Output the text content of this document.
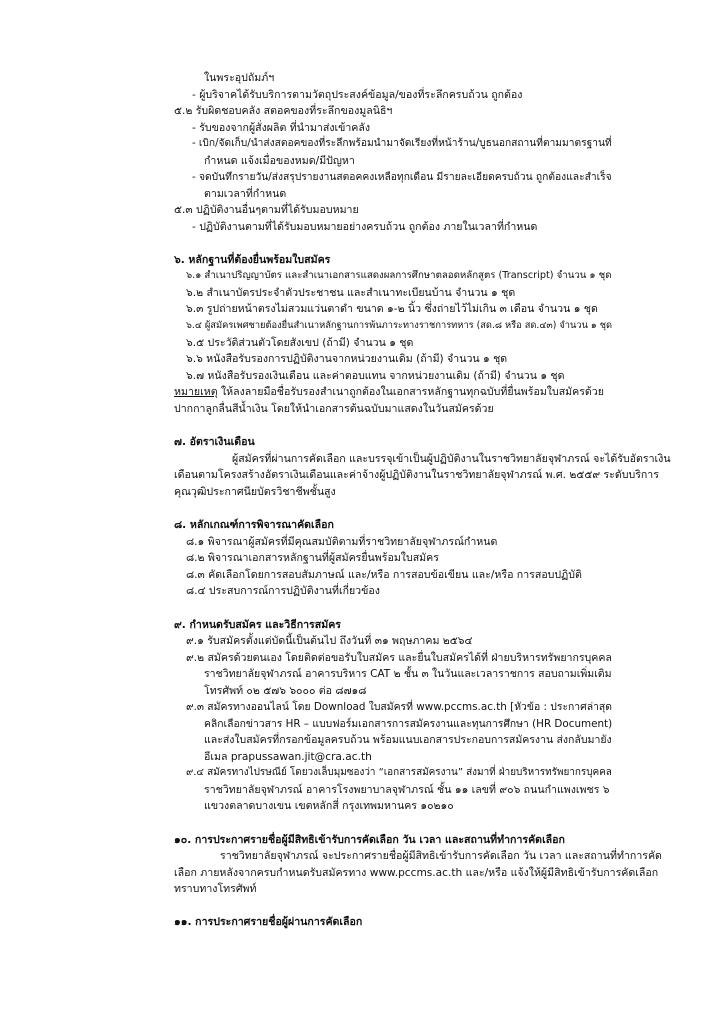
ในพระอุปถัมภ์ฯ
- ผู้บริจาคได้รับบริการตามวัตถุประสงค์ข้อมูล/ของที่ระลึกครบถ้วน ถูกต้อง
๕.๒ รับผิดชอบคลัง สตอคของที่ระลึกของมูลนิธิฯ
- รับของจากผู้สั่งผลิต ที่นำมาส่งเข้าคลัง
- เบิก/จัดเก็บ/นำส่งสตอคของที่ระลึกพร้อมนำมาจัดเรียงที่หน้าร้าน/บูธนอกสถานที่ตามมาตรฐานที่
กำหนด แจ้งเมื่อของหมด/มีปัญหา
- จดบันทึกรายวัน/ส่งสรุปรายงานสตอคคงเหลือทุกเดือน มีรายละเอียดครบถ้วน ถูกต้องและสำเร็จ
ตามเวลาที่กำหนด
๕.๓ ปฏิบัติงานอื่นๆตามที่ได้รับมอบหมาย
- ปฏิบัติงานตามที่ได้รับมอบหมายอย่างครบถ้วน ถูกต้อง ภายในเวลาที่กำหนด
๖. หลักฐานที่ต้องยื่นพร้อมใบสมัคร
๖.๑ สำเนาปริญญาบัตร และสำเนาเอกสารแสดงผลการศึกษาตลอดหลักสูตร (Transcript) จำนวน ๑ ชุด
๖.๒ สำเนาบัตรประจำตัวประชาชน และสำเนาทะเบียนบ้าน จำนวน ๑ ชุด
๖.๓ รูปถ่ายหน้าตรงไม่สวมแว่นตาดำ ขนาด ๑-๒ นิ้ว ซึ่งถ่ายไว้ไม่เกิน ๓ เดือน จำนวน ๑ ชุด
๖.๔ ผู้สมัครเพศชายต้องยื่นสำเนาหลักฐานการพ้นภาระทางราชการทหาร (สด.๘ หรือ สด.๔๓) จำนวน ๑ ชุด
๖.๕ ประวัติส่วนตัวโดยสังเขป (ถ้ามี) จำนวน ๑ ชุด
๖.๖ หนังสือรับรองการปฏิบัติงานจากหน่วยงานเดิม (ถ้ามี) จำนวน ๑ ชุด
๖.๗ หนังสือรับรองเงินเดือน และค่าตอบแทน จากหน่วยงานเดิม (ถ้ามี) จำนวน ๑ ชุด
หมายเหตุ ให้ลงลายมือชื่อรับรองสำเนาถูกต้องในเอกสารหลักฐานทุกฉบับที่ยื่นพร้อมใบสมัครด้วย
ปากกาลูกลื่นสีน้ำเงิน โดยให้นำเอกสารต้นฉบับมาแสดงในวันสมัครด้วย
๗. อัตราเงินเดือน
ผู้สมัครที่ผ่านการคัดเลือก และบรรจุเข้าเป็นผู้ปฏิบัติงานในราชวิทยาลัยจุฬาภรณ์ จะได้รับอัตราเงิน
เดือนตามโครงสร้างอัตราเงินเดือนและค่าจ้างผู้ปฏิบัติงานในราชวิทยาลัยจุฬาภรณ์ พ.ศ. ๒๕๕๙ ระดับบริการ
คุณวุฒิประกาศนียบัตรวิชาชีพชั้นสูง
๘. หลักเกณฑ์การพิจารณาคัดเลือก
๘.๑ พิจารณาผู้สมัครที่มีคุณสมบัติตามที่ราชวิทยาลัยจุฬาภรณ์กำหนด
๘.๒ พิจารณาเอกสารหลักฐานที่ผู้สมัครยื่นพร้อมใบสมัคร
๘.๓ คัดเลือกโดยการสอบสัมภาษณ์ และ/หรือ การสอบข้อเขียน และ/หรือ การสอบปฏิบัติ
๘.๔ ประสบการณ์การปฏิบัติงานที่เกี่ยวข้อง
๙. กำหนดรับสมัคร และวิธีการสมัคร
๙.๑ รับสมัครตั้งแต่บัดนี้เป็นต้นไป ถึงวันที่ ๓๑ พฤษภาคม ๒๕๖๔
๙.๒ สมัครด้วยตนเอง โดยติดต่อขอรับใบสมัคร และยื่นใบสมัครได้ที่ ฝ่ายบริหารทรัพยากรบุคคล
ราชวิทยาลัยจุฬาภรณ์ อาคารบริหาร CAT ๒ ชั้น ๓ ในวันและเวลาราชการ สอบถามเพิ่มเติม
โทรศัพท์ ๐๒ ๕๗๖ ๖๐๐๐ ต่อ ๘๗๑๘
๙.๓ สมัครทางออนไลน์ โดย Download ใบสมัครที่ www.pccms.ac.th [หัวข้อ : ประกาศล่าสุด
คลิกเลือกข่าวสาร HR – แบบฟอร์มเอกสารการสมัครงานและทุนการศึกษา (HR Document)
และส่งใบสมัครที่กรอกข้อมูลครบถ้วน พร้อมแนบเอกสารประกอบการสมัครงาน ส่งกลับมายัง
อีเมล prapussawan.jit@cra.ac.th
๙.๔ สมัครทางไปรษณีย์ โดยวงเล็บมุมซองว่า “เอกสารสมัครงาน” ส่งมาที่ ฝ่ายบริหารทรัพยากรบุคคล
ราชวิทยาลัยจุฬาภรณ์ อาคารโรงพยาบาลจุฬาภรณ์ ชั้น ๑๑ เลขที่ ๙๐๖ ถนนกำแพงเพชร ๖
แขวงตลาดบางเขน เขตหลักสี่ กรุงเทพมหานคร ๑๐๒๑๐
๑๐. การประกาศรายชื่อผู้มีสิทธิเข้ารับการคัดเลือก วัน เวลา และสถานที่ทำการคัดเลือก
ราชวิทยาลัยจุฬาภรณ์ จะประกาศรายชื่อผู้มีสิทธิเข้ารับการคัดเลือก วัน เวลา และสถานที่ทำการคัด
เลือก ภายหลังจากครบกำหนดรับสมัครทาง www.pccms.ac.th และ/หรือ แจ้งให้ผู้มีสิทธิเข้ารับการคัดเลือก
ทราบทางโทรศัพท์
๑๑. การประกาศรายชื่อผู้ผ่านการคัดเลือก
